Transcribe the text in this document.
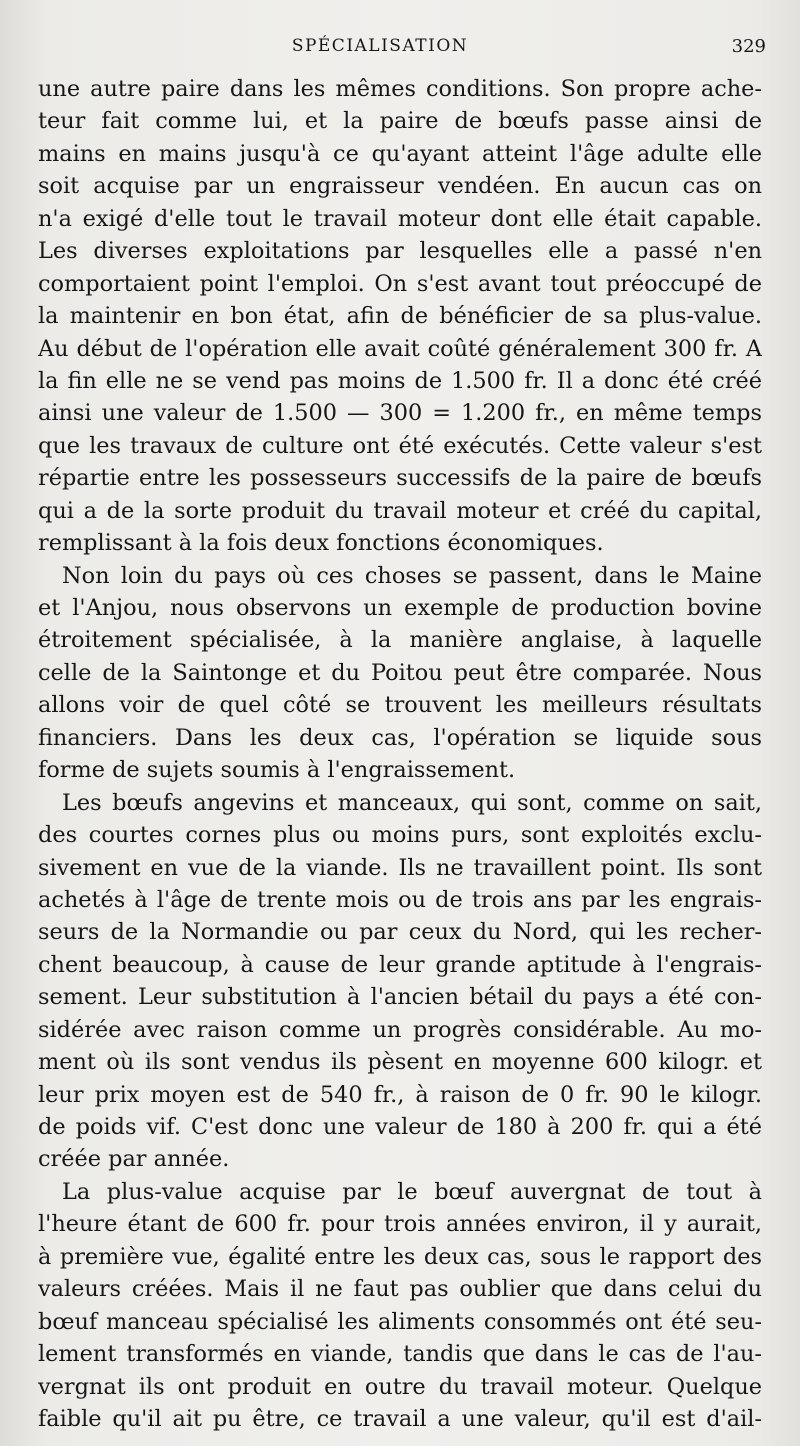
SPÉCIALISATION	329
une autre paire dans les mêmes conditions. Son propre ache-
teur fait comme lui, et la paire de bœufs passe ainsi de
mains en mains jusqu'à ce qu'ayant atteint l'âge adulte elle
soit acquise par un engraisseur vendéen. En aucun cas on
n'a exigé d'elle tout le travail moteur dont elle était capable.
Les diverses exploitations par lesquelles elle a passé n'en
comportaient point l'emploi. On s'est avant tout préoccupé de
la maintenir en bon état, afin de bénéficier de sa plus-value.
Au début de l'opération elle avait coûté généralement 300 fr. A
la fin elle ne se vend pas moins de 1.500 fr. Il a donc été créé
ainsi une valeur de 1.500 — 300 = 1.200 fr., en même temps
que les travaux de culture ont été exécutés. Cette valeur s'est
répartie entre les possesseurs successifs de la paire de bœufs
qui a de la sorte produit du travail moteur et créé du capital,
remplissant à la fois deux fonctions économiques.
Non loin du pays où ces choses se passent, dans le Maine
et l'Anjou, nous observons un exemple de production bovine
étroitement spécialisée, à la manière anglaise, à laquelle
celle de la Saintonge et du Poitou peut être comparée. Nous
allons voir de quel côté se trouvent les meilleurs résultats
financiers. Dans les deux cas, l'opération se liquide sous
forme de sujets soumis à l'engraissement.
Les bœufs angevins et manceaux, qui sont, comme on sait,
des courtes cornes plus ou moins purs, sont exploités exclu-
sivement en vue de la viande. Ils ne travaillent point. Ils sont
achetés à l'âge de trente mois ou de trois ans par les engrais-
seurs de la Normandie ou par ceux du Nord, qui les recher-
chent beaucoup, à cause de leur grande aptitude à l'engrais-
sement. Leur substitution à l'ancien bétail du pays a été con-
sidérée avec raison comme un progrès considérable. Au mo-
ment où ils sont vendus ils pèsent en moyenne 600 kilogr. et
leur prix moyen est de 540 fr., à raison de 0 fr. 90 le kilogr.
de poids vif. C'est donc une valeur de 180 à 200 fr. qui a été
créée par année.
La plus-value acquise par le bœuf auvergnat de tout à
l'heure étant de 600 fr. pour trois années environ, il y aurait,
à première vue, égalité entre les deux cas, sous le rapport des
valeurs créées. Mais il ne faut pas oublier que dans celui du
bœuf manceau spécialisé les aliments consommés ont été seu-
lement transformés en viande, tandis que dans le cas de l'au-
vergnat ils ont produit en outre du travail moteur. Quelque
faible qu'il ait pu être, ce travail a une valeur, qu'il est d'ail-
